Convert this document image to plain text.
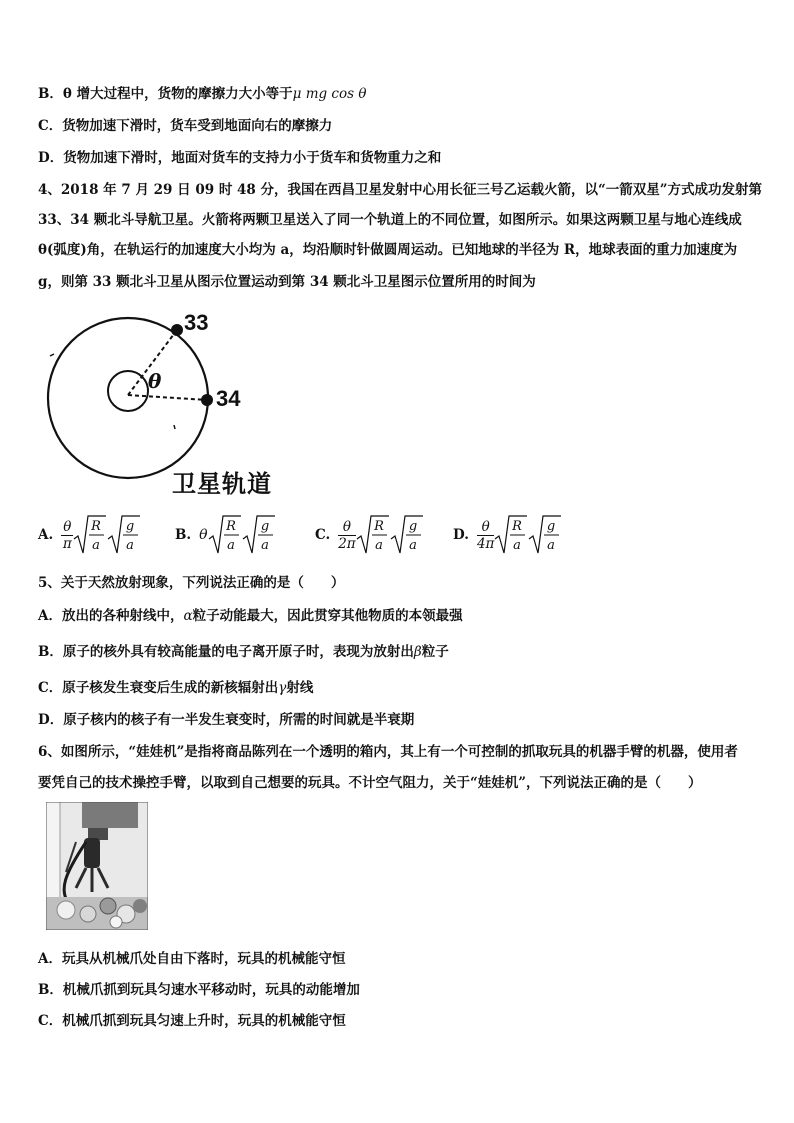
B．θ 增大过程中，货物的摩擦力大小等于μ mg cos θ
C．货物加速下滑时，货车受到地面向右的摩擦力
D．货物加速下滑时，地面对货车的支持力小于货车和货物重力之和
4、2018 年 7 月 29 日 09 时 48 分，我国在西昌卫星发射中心用长征三号乙运载火箭，以“一箭双星”方式成功发射第
33、34 颗北斗导航卫星。火箭将两颗卫星送入了同一个轨道上的不同位置，如图所示。如果这两颗卫星与地心连线成
θ(弧度)角，在轨运行的加速度大小均为 a，均沿顺时针做圆周运动。已知地球的半径为 R，地球表面的重力加速度为
g，则第 33 颗北斗卫星从图示位置运动到第 34 颗北斗卫星图示位置所用的时间为
33
34
θ
卫星轨道
A. $\frac{\theta}{\pi}$ R
a
g
a
B. θ
R
a
g
a
C. $\frac{\theta}{2\pi}$ R
a
g
a
D. $\frac{\theta}{4\pi}$ R
a
g
a
5、关于天然放射现象，下列说法正确的是（　　）
A．放出的各种射线中，α粒子动能最大，因此贯穿其他物质的本领最强
B．原子的核外具有较高能量的电子离开原子时，表现为放射出β粒子
C．原子核发生衰变后生成的新核辐射出γ射线
D．原子核内的核子有一半发生衰变时，所需的时间就是半衰期
6、如图所示，“娃娃机”是指将商品陈列在一个透明的箱内，其上有一个可控制的抓取玩具的机器手臂的机器，使用者
要凭自己的技术操控手臂，以取到自己想要的玩具。不计空气阻力，关于“娃娃机”，下列说法正确的是（　　）
A．玩具从机械爪处自由下落时，玩具的机械能守恒
B．机械爪抓到玩具匀速水平移动时，玩具的动能增加
C．机械爪抓到玩具匀速上升时，玩具的机械能守恒
